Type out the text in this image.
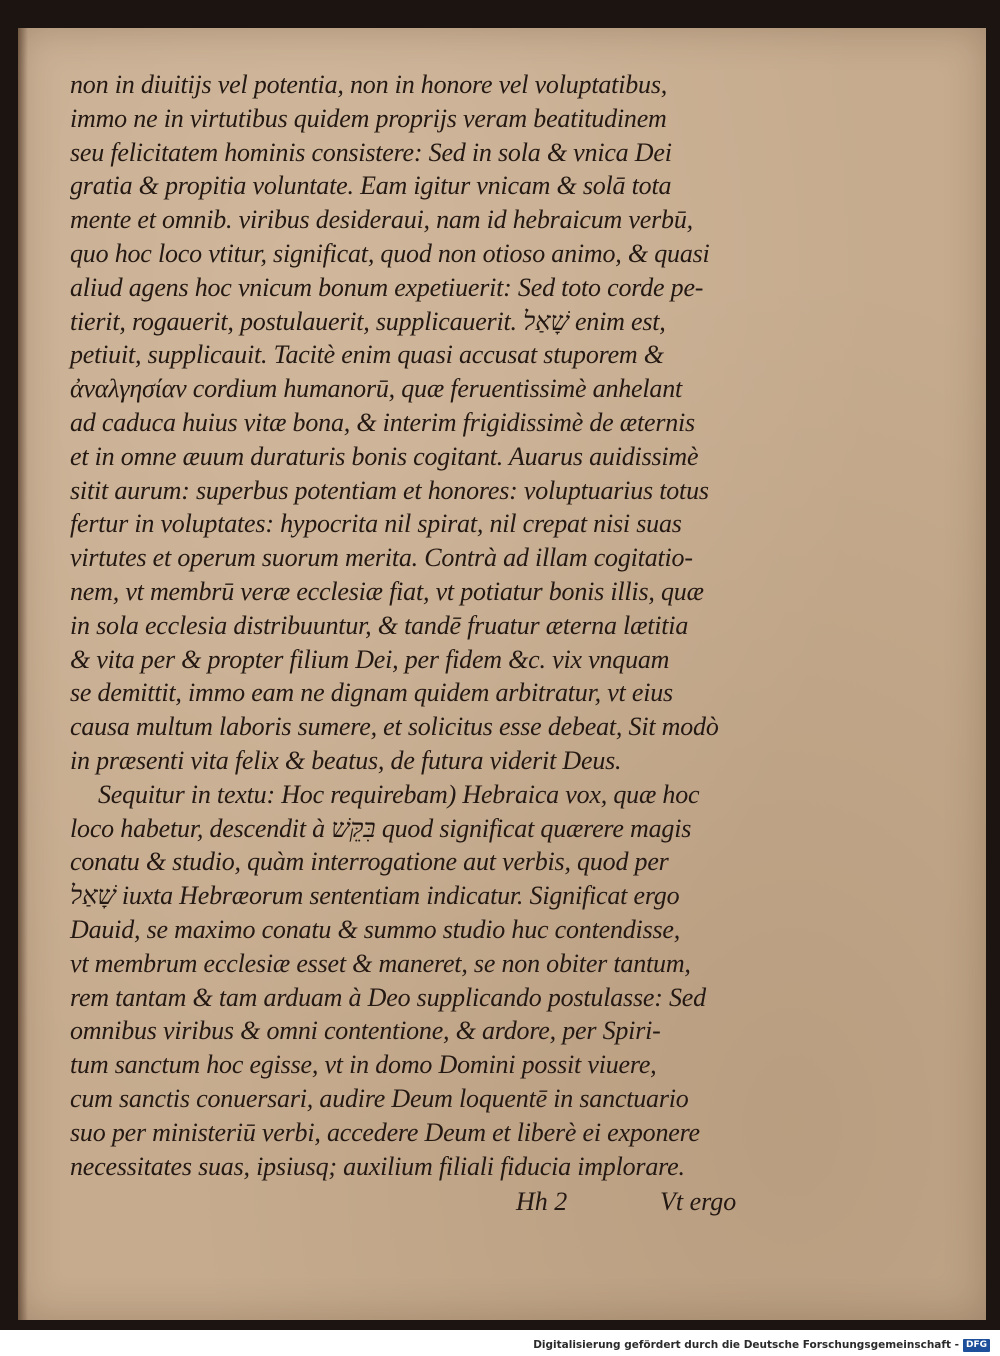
non in diuitijs vel potentia, non in honore vel voluptatibus,
immo ne in virtutibus quidem proprijs veram beatitudinem
seu felicitatem hominis consistere: Sed in sola & vnica Dei
gratia & propitia voluntate. Eam igitur vnicam & solā tota
mente et omnib. viribus desideraui, nam id hebraicum verbū,
quo hoc loco vtitur, significat, quod non otioso animo, & quasi
aliud agens hoc vnicum bonum expetiuerit: Sed toto corde pe-
tierit, rogauerit, postulauerit, supplicauerit. שָׁאַל enim est,
petiuit, supplicauit. Tacitè enim quasi accusat stuporem &
ἀναλγησίαν cordium humanorū, quæ feruentissimè anhelant
ad caduca huius vitæ bona, & interim frigidissimè de æternis
et in omne æuum duraturis bonis cogitant. Auarus auidissimè
sitit aurum: superbus potentiam et honores: voluptuarius totus
fertur in voluptates: hypocrita nil spirat, nil crepat nisi suas
virtutes et operum suorum merita. Contrà ad illam cogitatio-
nem, vt membrū veræ ecclesiæ fiat, vt potiatur bonis illis, quæ
in sola ecclesia distribuuntur, & tandē fruatur æterna lætitia
& vita per & propter filium Dei, per fidem &c. vix vnquam
se demittit, immo eam ne dignam quidem arbitratur, vt eius
causa multum laboris sumere, et solicitus esse debeat, Sit modò
in præsenti vita felix & beatus, de futura viderit Deus.
Sequitur in textu: Hoc requirebam) Hebraica vox, quæ hoc
loco habetur, descendit à בִּקֵּשׁ quod significat quærere magis
conatu & studio, quàm interrogatione aut verbis, quod per
שָׁאַל iuxta Hebræorum sententiam indicatur. Significat ergo
Dauid, se maximo conatu & summo studio huc contendisse,
vt membrum ecclesiæ esset & maneret, se non obiter tantum,
rem tantam & tam arduam à Deo supplicando postulasse: Sed
omnibus viribus & omni contentione, & ardore, per Spiri-
tum sanctum hoc egisse, vt in domo Domini possit viuere,
cum sanctis conuersari, audire Deum loquentē in sanctuario
suo per ministeriū verbi, accedere Deum et liberè ei exponere
necessitates suas, ipsiusq; auxilium filiali fiducia implorare.
Hh 2	Vt ergo
Digitalisierung gefördert durch die Deutsche Forschungsgemeinschaft - DFG
